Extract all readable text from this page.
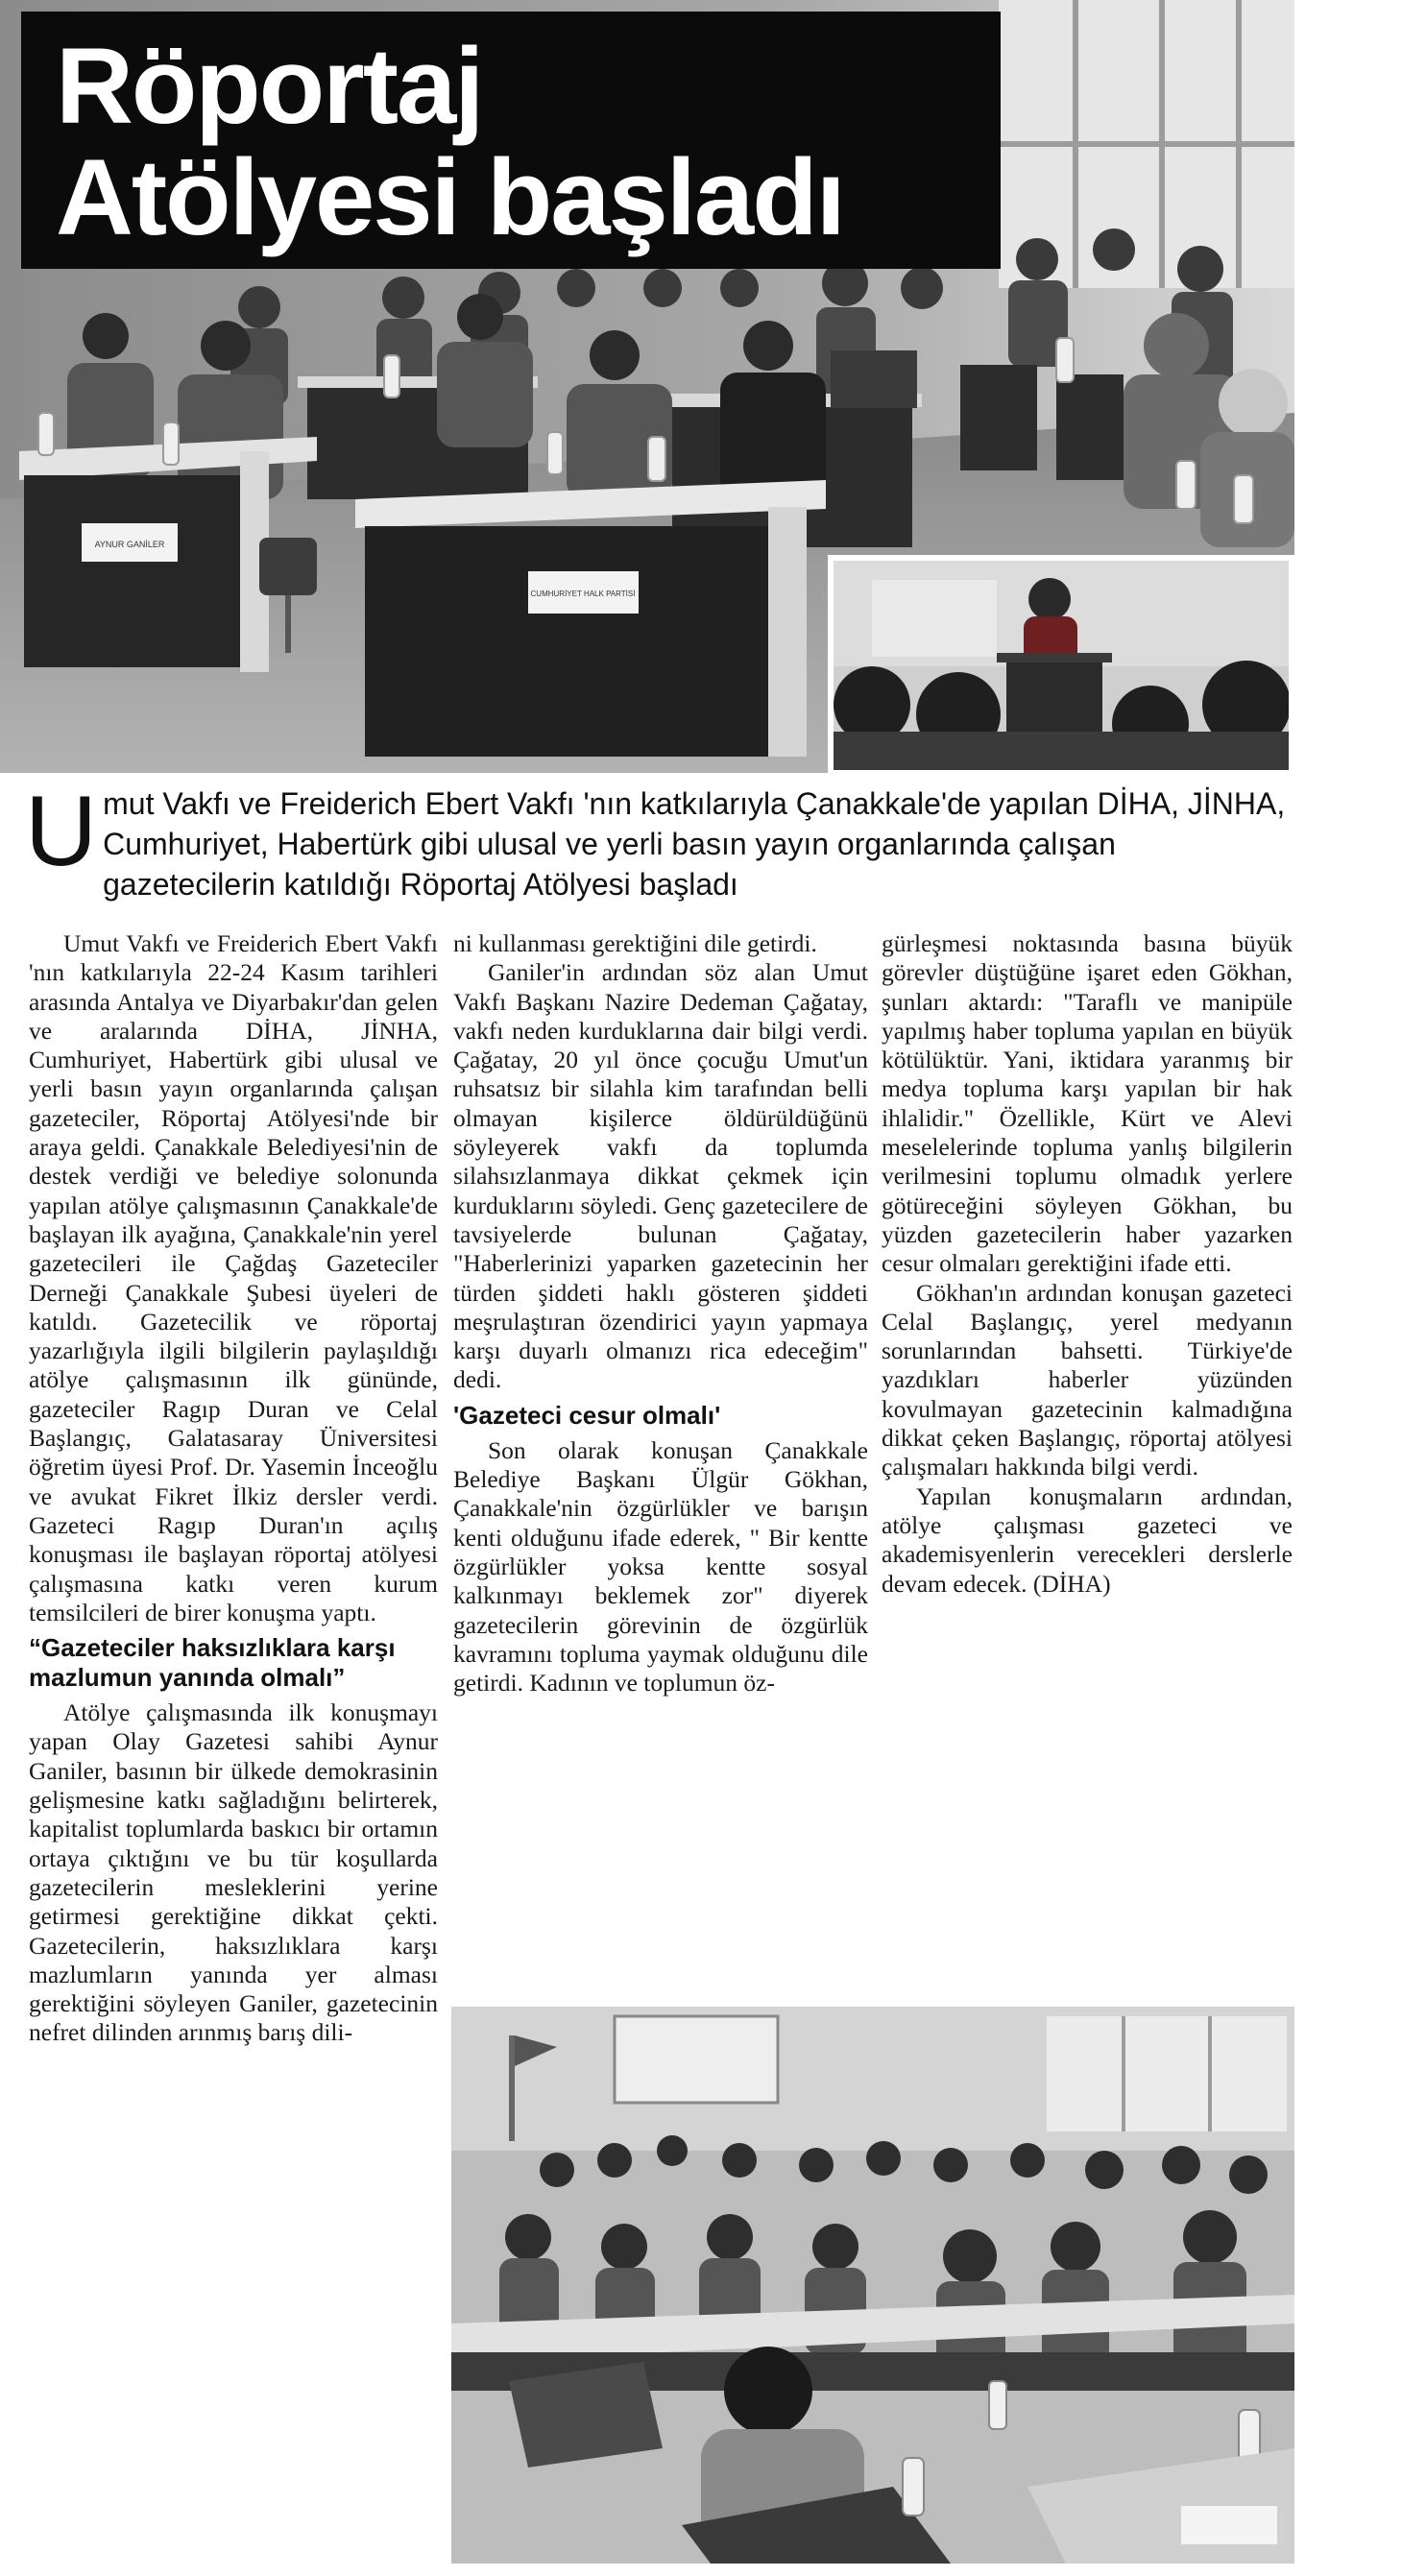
AYNUR GANİLER
CUMHURİYET HALK PARTİSİ
Röportaj
Atölyesi başladı
Umut Vakfı ve Freiderich Ebert Vakfı 'nın katkılarıyla Çanakkale'de yapılan DİHA, JİNHA, Cumhuriyet, Habertürk gibi ulusal ve yerli basın yayın organlarında çalışan gazetecilerin katıldığı Röportaj Atölyesi başladı

Umut Vakfı ve Freiderich Ebert Vakfı 'nın katkılarıyla 22-24 Kasım tarihleri arasında Antalya ve Diyarbakır'dan gelen ve aralarında DİHA, JİNHA, Cumhuriyet, Habertürk gibi ulusal ve yerli basın yayın organlarında çalışan gazeteciler, Röportaj Atölyesi'nde bir araya geldi. Çanakkale Belediyesi'nin de destek verdiği ve belediye solonunda yapılan atölye çalışmasının Çanakkale'de başlayan ilk ayağına, Çanakkale'nin yerel gazetecileri ile Çağdaş Gazeteciler Derneği Çanakkale Şubesi üyeleri de katıldı. Gazetecilik ve röportaj yazarlığıyla ilgili bilgilerin paylaşıldığı atölye çalışmasının ilk gününde, gazeteciler Ragıp Duran ve Celal Başlangıç, Galatasaray Üniversitesi öğretim üyesi Prof. Dr. Yasemin İnceoğlu ve avukat Fikret İlkiz dersler verdi. Gazeteci Ragıp Duran'ın açılış konuşması ile başlayan röportaj atölyesi çalışmasına katkı veren kurum temsilcileri de birer konuşma yaptı.

“Gazeteciler haksızlıklara karşı mazlumun yanında olmalı”

Atölye çalışmasında ilk konuşmayı yapan Olay Gazetesi sahibi Aynur Ganiler, basının bir ülkede demokrasinin gelişmesine katkı sağladığını belirterek, kapitalist toplumlarda baskıcı bir ortamın ortaya çıktığını ve bu tür koşullarda gazetecilerin mesleklerini yerine getirmesi gerektiğine dikkat çekti. Gazetecilerin, haksızlıklara karşı mazlumların yanında yer alması gerektiğini söyleyen Ganiler, gazetecinin nefret dilinden arınmış barış dili-

ni kullanması gerektiğini dile getirdi.

Ganiler'in ardından söz alan Umut Vakfı Başkanı Nazire Dedeman Çağatay, vakfı neden kurduklarına dair bilgi verdi. Çağatay, 20 yıl önce çocuğu Umut'un ruhsatsız bir silahla kim tarafından belli olmayan kişilerce öldürüldüğünü söyleyerek vakfı da toplumda silahsızlanmaya dikkat çekmek için kurduklarını söyledi. Genç gazetecilere de tavsiyelerde bulunan Çağatay, "Haberlerinizi yaparken gazetecinin her türden şiddeti haklı gösteren şiddeti meşrulaştıran özendirici yayın yapmaya karşı duyarlı olmanızı rica edeceğim" dedi.

'Gazeteci cesur olmalı'

Son olarak konuşan Çanakkale Belediye Başkanı Ülgür Gökhan, Çanakkale'nin özgürlükler ve barışın kenti olduğunu ifade ederek, " Bir kentte özgürlükler yoksa kentte sosyal kalkınmayı beklemek zor" diyerek gazetecilerin görevinin de özgürlük kavramını topluma yaymak olduğunu dile getirdi. Kadının ve toplumun öz-

gürleşmesi noktasında basına büyük görevler düştüğüne işaret eden Gökhan, şunları aktardı: "Taraflı ve manipüle yapılmış haber topluma yapılan en büyük kötülüktür. Yani, iktidara yaranmış bir medya topluma karşı yapılan bir hak ihlalidir." Özellikle, Kürt ve Alevi meselelerinde topluma yanlış bilgilerin verilmesini toplumu olmadık yerlere götüreceğini söyleyen Gökhan, bu yüzden gazetecilerin haber yazarken cesur olmaları gerektiğini ifade etti.

Gökhan'ın ardından konuşan gazeteci Celal Başlangıç, yerel medyanın sorunlarından bahsetti. Türkiye'de yazdıkları haberler yüzünden kovulmayan gazetecinin kalmadığına dikkat çeken Başlangıç, röportaj atölyesi çalışmaları hakkında bilgi verdi.

Yapılan konuşmaların ardından, atölye çalışması gazeteci ve akademisyenlerin verecekleri derslerle devam edecek. (DİHA)
